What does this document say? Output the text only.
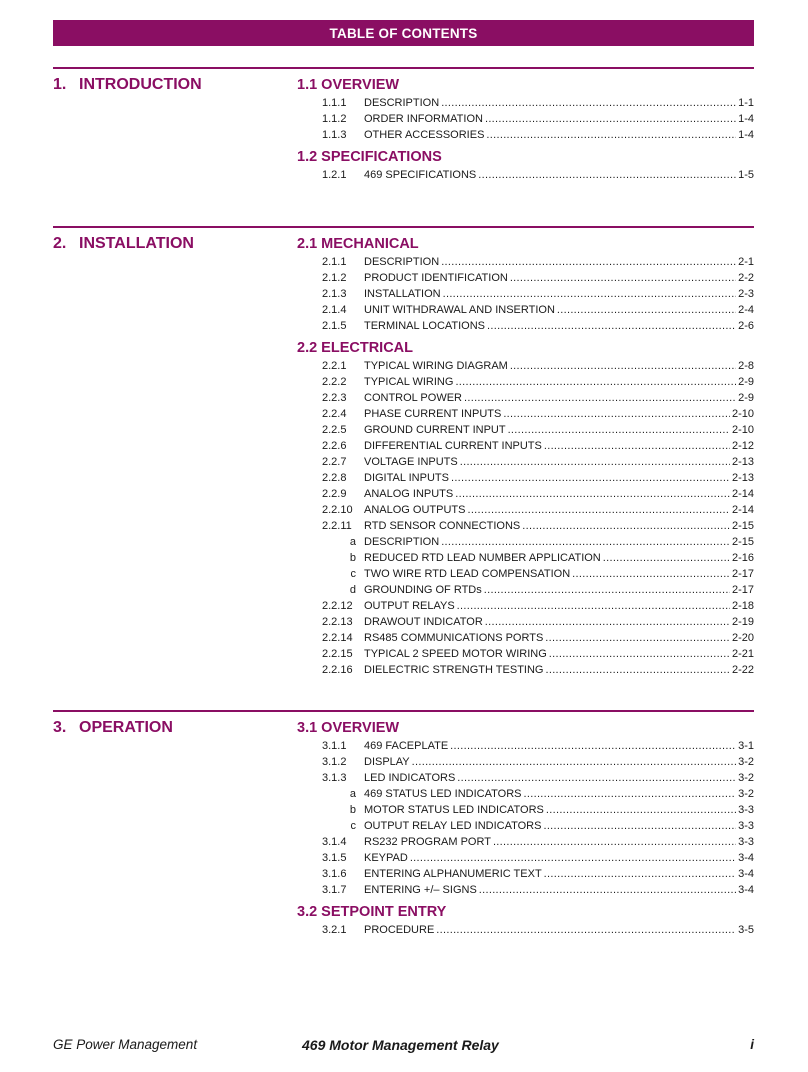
TABLE OF CONTENTS
1. INTRODUCTION	1.1 OVERVIEW
1.1.1	DESCRIPTION .....	1-1
1.1.2	ORDER INFORMATION .....	1-4
1.1.3	OTHER ACCESSORIES .....	1-4
1.2 SPECIFICATIONS
1.2.1	469 SPECIFICATIONS .....	1-5
2. INSTALLATION	2.1 MECHANICAL
2.1.1	DESCRIPTION .....	2-1
2.1.2	PRODUCT IDENTIFICATION .....	2-2
2.1.3	INSTALLATION .....	2-3
2.1.4	UNIT WITHDRAWAL AND INSERTION .....	2-4
2.1.5	TERMINAL LOCATIONS .....	2-6
2.2 ELECTRICAL
2.2.1	TYPICAL WIRING DIAGRAM .....	2-8
2.2.2	TYPICAL WIRING .....	2-9
2.2.3	CONTROL POWER .....	2-9
2.2.4	PHASE CURRENT INPUTS .....	2-10
2.2.5	GROUND CURRENT INPUT .....	2-10
2.2.6	DIFFERENTIAL CURRENT INPUTS .....	2-12
2.2.7	VOLTAGE INPUTS .....	2-13
2.2.8	DIGITAL INPUTS .....	2-13
2.2.9	ANALOG INPUTS .....	2-14
2.2.10	ANALOG OUTPUTS .....	2-14
2.2.11	RTD SENSOR CONNECTIONS .....	2-15
a DESCRIPTION .....	2-15
b REDUCED RTD LEAD NUMBER APPLICATION .....	2-16
c TWO WIRE RTD LEAD COMPENSATION .....	2-17
d GROUNDING OF RTDs .....	2-17
2.2.12	OUTPUT RELAYS .....	2-18
2.2.13	DRAWOUT INDICATOR .....	2-19
2.2.14	RS485 COMMUNICATIONS PORTS .....	2-20
2.2.15	TYPICAL 2 SPEED MOTOR WIRING .....	2-21
2.2.16	DIELECTRIC STRENGTH TESTING .....	2-22
3. OPERATION	3.1 OVERVIEW
3.1.1	469 FACEPLATE .....	3-1
3.1.2	DISPLAY .....	3-2
3.1.3	LED INDICATORS .....	3-2
a 469 STATUS LED INDICATORS .....	3-2
b MOTOR STATUS LED INDICATORS .....	3-3
c OUTPUT RELAY LED INDICATORS .....	3-3
3.1.4	RS232 PROGRAM PORT .....	3-3
3.1.5	KEYPAD .....	3-4
3.1.6	ENTERING ALPHANUMERIC TEXT .....	3-4
3.1.7	ENTERING +/– SIGNS .....	3-4
3.2 SETPOINT ENTRY
3.2.1	PROCEDURE .....	3-5
GE Power Management	469 Motor Management Relay	i
